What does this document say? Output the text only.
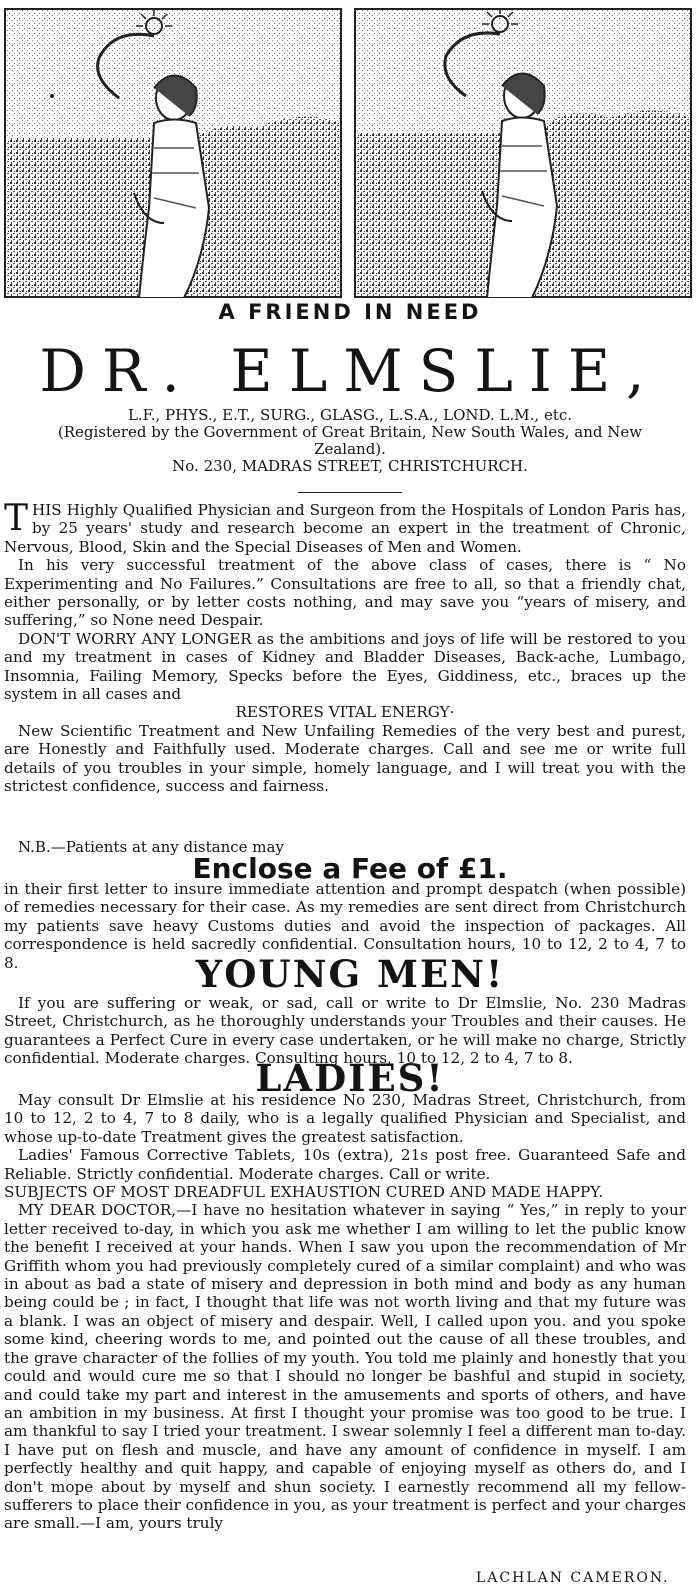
A FRIEND IN NEED
DR. ELMSLIE,
L.F., PHYS., E.T., SURG., GLASG., L.S.A., LOND. L.M., etc.
(Registered by the Government of Great Britain, New South Wales, and New Zealand).
No. 230, MADRAS STREET, CHRISTCHURCH.

THIS Highly Qualified Physician and Surgeon from the Hospitals of London Paris has, by 25 years' study and research become an expert in the treatment of Chronic, Nervous, Blood, Skin and the Special Diseases of Men and Women.

In his very successful treatment of the above class of cases, there is “ No Experimenting and No Failures.” Consultations are free to all, so that a friendly chat, either personally, or by letter costs nothing, and may save you “years of misery, and suffering,” so None need Despair.

DON'T WORRY ANY LONGER as the ambitions and joys of life will be restored to you and my treatment in cases of Kidney and Bladder Diseases, Back-ache, Lumbago, Insomnia, Failing Memory, Specks before the Eyes, Giddiness, etc., braces up the system in all cases and

RESTORES VITAL ENERGY·

New Scientific Treatment and New Unfailing Remedies of the very best and purest, are Honestly and Faithfully used. Moderate charges. Call and see me or write full details of you troubles in your simple, homely language, and I will treat you with the strictest confidence, success and fairness.

N.B.—Patients at any distance may
Enclose a Fee of £1.

in their first letter to insure immediate attention and prompt despatch (when possible) of remedies necessary for their case. As my remedies are sent direct from Christchurch my patients save heavy Customs duties and avoid the inspection of packages. All correspondence is held sacredly confidential. Consultation hours, 10 to 12, 2 to 4, 7 to 8.	YOUNG MEN!

If you are suffering or weak, or sad, call or write to Dr Elmslie, No. 230 Madras Street, Christchurch, as he thoroughly understands your Troubles and their causes. He guarantees a Perfect Cure in every case undertaken, or he will make no charge, Strictly confidential. Moderate charges. Consulting hours, 10 to 12, 2 to 4, 7 to 8.

LADIES!

May consult Dr Elmslie at his residence No 230, Madras Street, Christchurch, from 10 to 12, 2 to 4, 7 to 8 daily, who is a legally qualified Physician and Specialist, and whose up-to-date Treatment gives the greatest satisfaction.

Ladies' Famous Corrective Tablets, 10s (extra), 21s post free. Guaranteed Safe and Reliable. Strictly confidential. Moderate charges. Call or write.

SUBJECTS OF MOST DREADFUL EXHAUSTION CURED AND MADE HAPPY.

MY DEAR DOCTOR,—I have no hesitation whatever in saying “ Yes,” in reply to your letter received to-day, in which you ask me whether I am willing to let the public know the benefit I received at your hands. When I saw you upon the recommendation of Mr Griffith whom you had previously completely cured of a similar complaint) and who was in about as bad a state of misery and depression in both mind and body as any human being could be ; in fact, I thought that life was not worth living and that my future was a blank. I was an object of misery and despair. Well, I called upon you. and you spoke some kind, cheering words to me, and pointed out the cause of all these troubles, and the grave character of the follies of my youth. You told me plainly and honestly that you could and would cure me so that I should no longer be bashful and stupid in society, and could take my part and interest in the amusements and sports of others, and have an ambition in my business. At first I thought your promise was too good to be true. I am thankful to say I tried your treatment. I swear solemnly I feel a different man to-day. I have put on flesh and muscle, and have any amount of confidence in myself. I am perfectly healthy and quit happy, and capable of enjoying myself as others do, and I don't mope about by myself and shun society. I earnestly recommend all my fellow-sufferers to place their confidence in you, as your treatment is perfect and your charges are small.—I am, yours truly

LACHLAN CAMERON.
